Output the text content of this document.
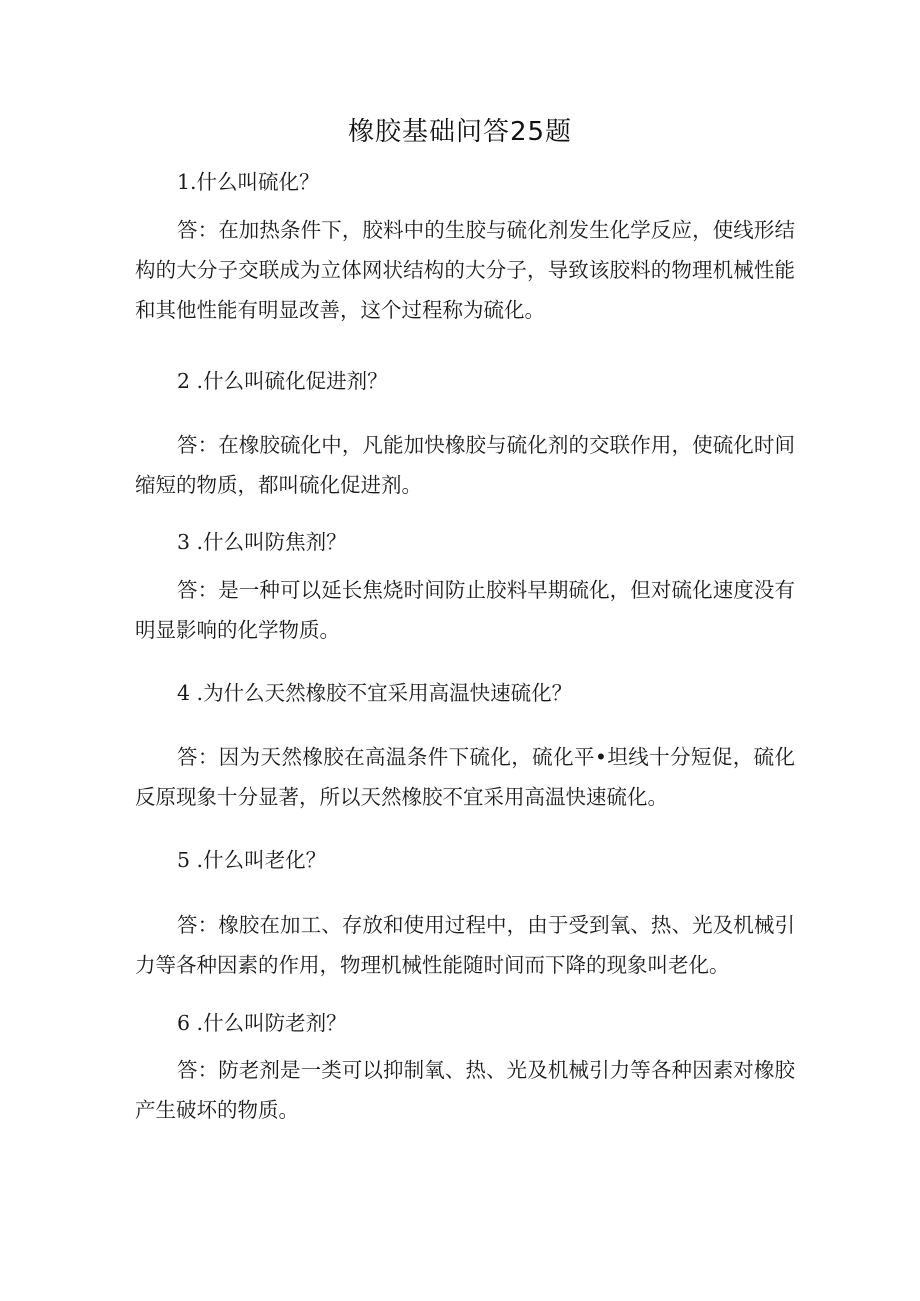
橡胶基础问答25题

1.什么叫硫化？

答：在加热条件下，胶料中的生胶与硫化剂发生化学反应，使线形结构的大分子交联成为立体网状结构的大分子，导致该胶料的物理机械性能和其他性能有明显改善，这个过程称为硫化。

2 .什么叫硫化促进剂？

答：在橡胶硫化中，凡能加快橡胶与硫化剂的交联作用，使硫化时间缩短的物质，都叫硫化促进剂。

3 .什么叫防焦剂？

答：是一种可以延长焦烧时间防止胶料早期硫化，但对硫化速度没有明显影响的化学物质。

4 .为什么天然橡胶不宜采用高温快速硫化？

答：因为天然橡胶在高温条件下硫化，硫化平•坦线十分短促，硫化反原现象十分显著，所以天然橡胶不宜采用高温快速硫化。

5 .什么叫老化？

答：橡胶在加工、存放和使用过程中，由于受到氧、热、光及机械引力等各种因素的作用，物理机械性能随时间而下降的现象叫老化。

6 .什么叫防老剂？

答：防老剂是一类可以抑制氧、热、光及机械引力等各种因素对橡胶产生破坏的物质。
